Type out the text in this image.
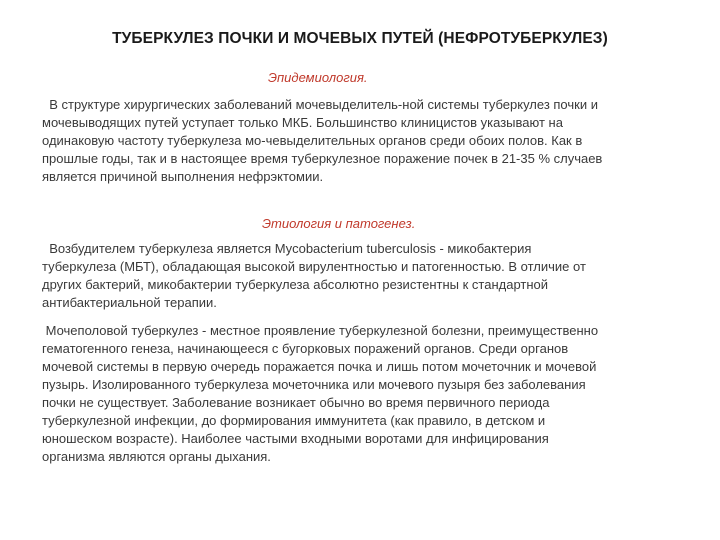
ТУБЕРКУЛЕЗ ПОЧКИ И МОЧЕВЫХ ПУТЕЙ (НЕФРОТУБЕРКУЛЕЗ)
Эпидемиология.
В структуре хирургических заболеваний мочевыделитель-ной системы туберкулез почки и
мочевыводящих путей уступает только МКБ. Большинство клиницистов указывают на
одинаковую частоту туберкулеза мо-чевыделительных органов среди обоих полов. Как в
прошлые годы, так и в настоящее время туберкулезное поражение почек в 21-35 % случаев
является причиной выполнения нефрэктомии.
Этиология и патогенез.
Возбудителем туберкулеза является Mycobacterium tuberculosis - микобактерия
туберкулеза (МБТ), обладающая высокой вирулентностью и патогенностью. В отличие от
других бактерий, микобактерии туберкулеза абсолютно резистентны к стандартной
антибактериальной терапии.
Мочеполовой туберкулез - местное проявление туберкулезной болезни, преимущественно
гематогенного генеза, начинающееся с бугорковых поражений органов. Среди органов
мочевой системы в первую очередь поражается почка и лишь потом мочеточник и мочевой
пузырь. Изолированного туберкулеза мочеточника или мочевого пузыря без заболевания
почки не существует. Заболевание возникает обычно во время первичного периода
туберкулезной инфекции, до формирования иммунитета (как правило, в детском и
юношеском возрасте). Наиболее частыми входными воротами для инфицирования
организма являются органы дыхания.
